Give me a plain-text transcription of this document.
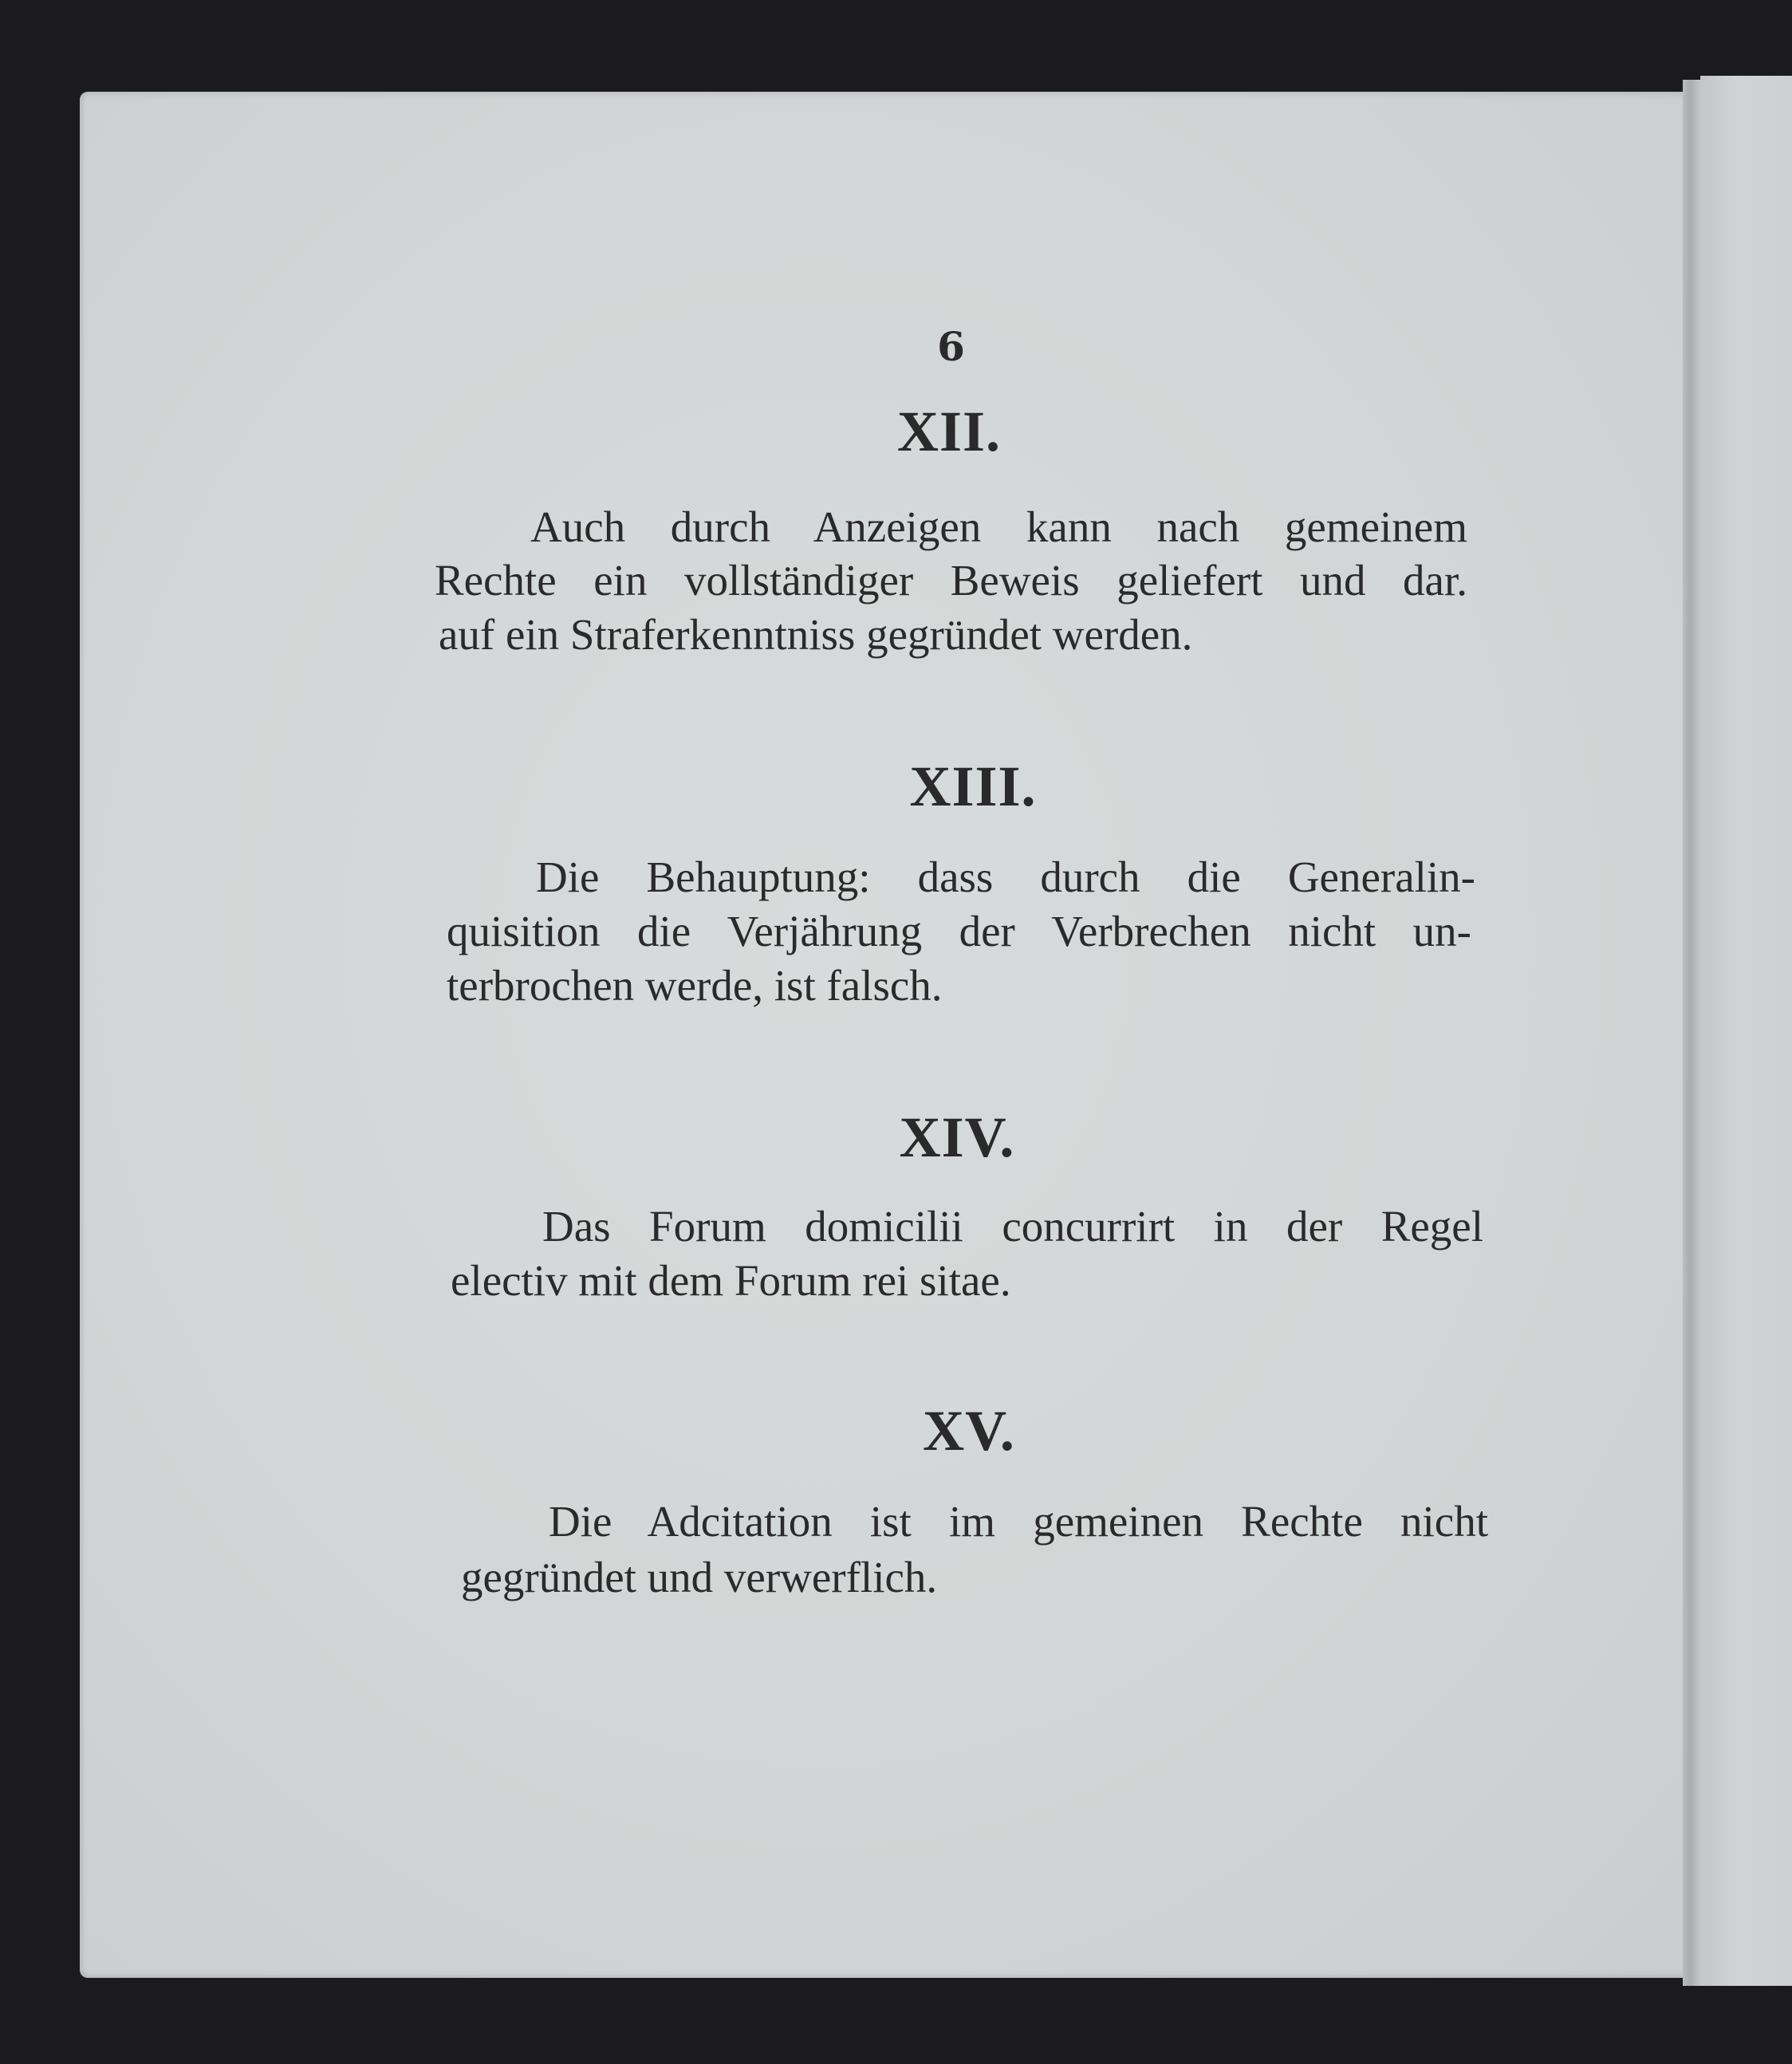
6
XII.
Auch durch Anzeigen kann nach gemeinem
Rechte ein vollständiger Beweis geliefert und dar.
auf ein Straferkenntniss gegründet werden.
XIII.
Die Behauptung: dass durch die Generalin-
quisition die Verjährung der Verbrechen nicht un-
terbrochen werde, ist falsch.
XIV.
Das Forum domicilii concurrirt in der Regel
electiv mit dem Forum rei sitae.
XV.
Die Adcitation ist im gemeinen Rechte nicht
gegründet und verwerflich.
